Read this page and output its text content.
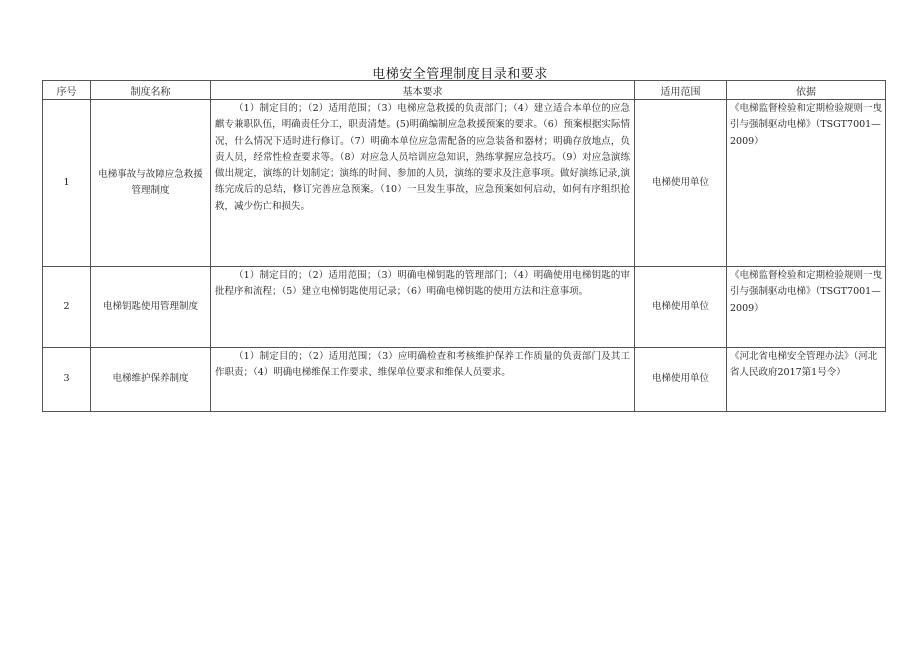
电梯安全管理制度目录和要求
序号	制度名称	基本要求	适用范围	依据
1	电梯事故与故障应急救援管理制度	（1）制定目的；（2）适用范围；（3）电梯应急救援的负责部门；（4）建立适合本单位的应急麒专兼职队伍，明确责任分工，职责清楚。(5)明确编制应急救援预案的要求。（6）预案根据实际情况，什么情况下适时进行修订。（7）明确本单位应急需配备的应急装备和器材；明确存放地点，负责人员，经常性检查要求等。（8）对应急人员培训应急知识，熟练掌握应急技巧。（9）对应急演练做出规定，演练的计划制定；演练的时间、参加的人员，演练的要求及注意事项。做好演练记录,演练完成后的总结，修订完善应急预案。（10）一旦发生事故，应急预案如何启动，如何有序组织抢救，减少伤亡和损失。	电梯使用单位	《电梯监督检验和定期检验规则一曳引与强制驱动电梯》（TSGT7001—2009）
2	电梯钥匙使用管理制度	（1）制定目的；（2）适用范围；（3）明确电梯钥匙的管理部门；（4）明确使用电梯钥匙的审批程序和流程；（5）建立电梯钥匙使用记录；（6）明确电梯钥匙的使用方法和注意事项。	电梯使用单位	《电梯监督检验和定期检验规则一曳引与强制驱动电梯》（TSGT7001—2009）
3	电梯维护保养制度	（1）制定目的；（2）适用范围；（3）应明确检查和考核维护保养工作质量的负责部门及其工作职责；（4）明确电梯维保工作要求、维保单位要求和维保人员要求。	电梯使用单位	《河北省电梯安全管理办法》（河北省人民政府2017第1号令）
